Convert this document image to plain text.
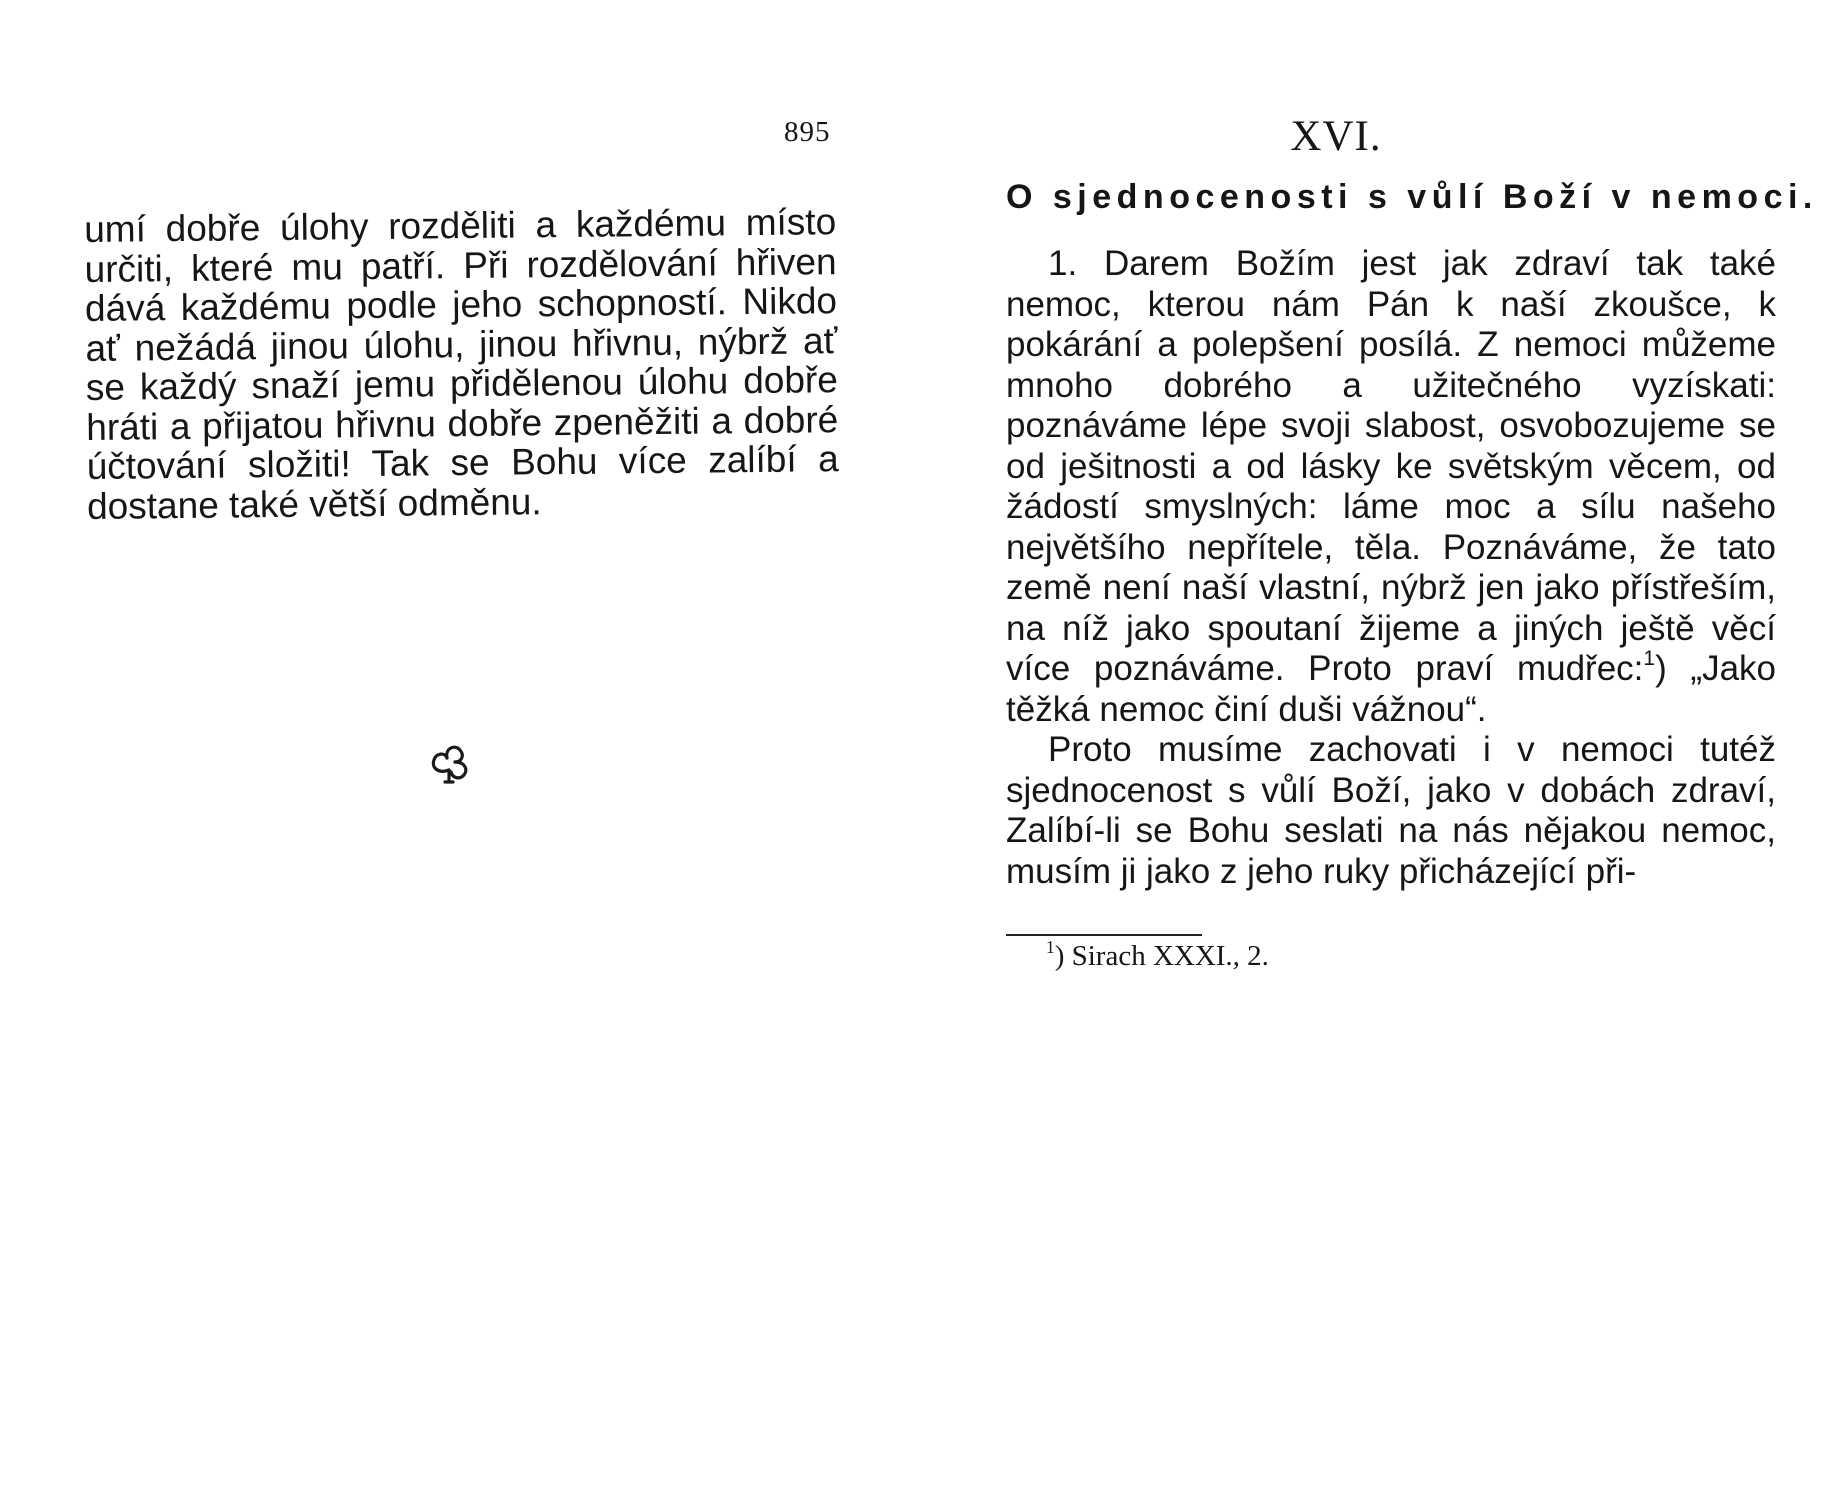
895

umí dobře úlohy rozděliti a každému místo určiti, které mu patří. Při rozdělování hřiven dává každému podle jeho schopností. Nikdo ať nežádá jinou úlohu, jinou hřivnu, nýbrž ať se každý snaží jemu přidělenou úlohu dobře hráti a přijatou hřivnu dobře zpeněžiti a dobré účtování složiti! Tak se Bohu více zalíbí a dostane také větší odměnu.

XVI.
O sjednocenosti s vůlí Boží v nemoci.

1. Darem Božím jest jak zdraví tak také nemoc, kterou nám Pán k naší zkoušce, k pokárání a polepšení posílá. Z nemoci můžeme mnoho dobrého a užitečného vyzískati: poznáváme lépe svoji slabost, osvobozujeme se od ješitnosti a od lásky ke světským věcem, od žádostí smyslných: láme moc a sílu našeho největšího nepřítele, těla. Poznáváme, že tato země není naší vlastní, nýbrž jen jako přístřeším, na níž jako spoutaní žijeme a jiných ještě věcí více poznáváme. Proto praví mudřec:$^1$) „Jako těžká nemoc činí duši vážnou“.

Proto musíme zachovati i v nemoci tutéž sjednocenost s vůlí Boží, jako v dobách zdraví, Zalíbí-li se Bohu seslati na nás nějakou nemoc, musím ji jako z jeho ruky přicházející při-

$^1$) Sirach XXXI., 2.
